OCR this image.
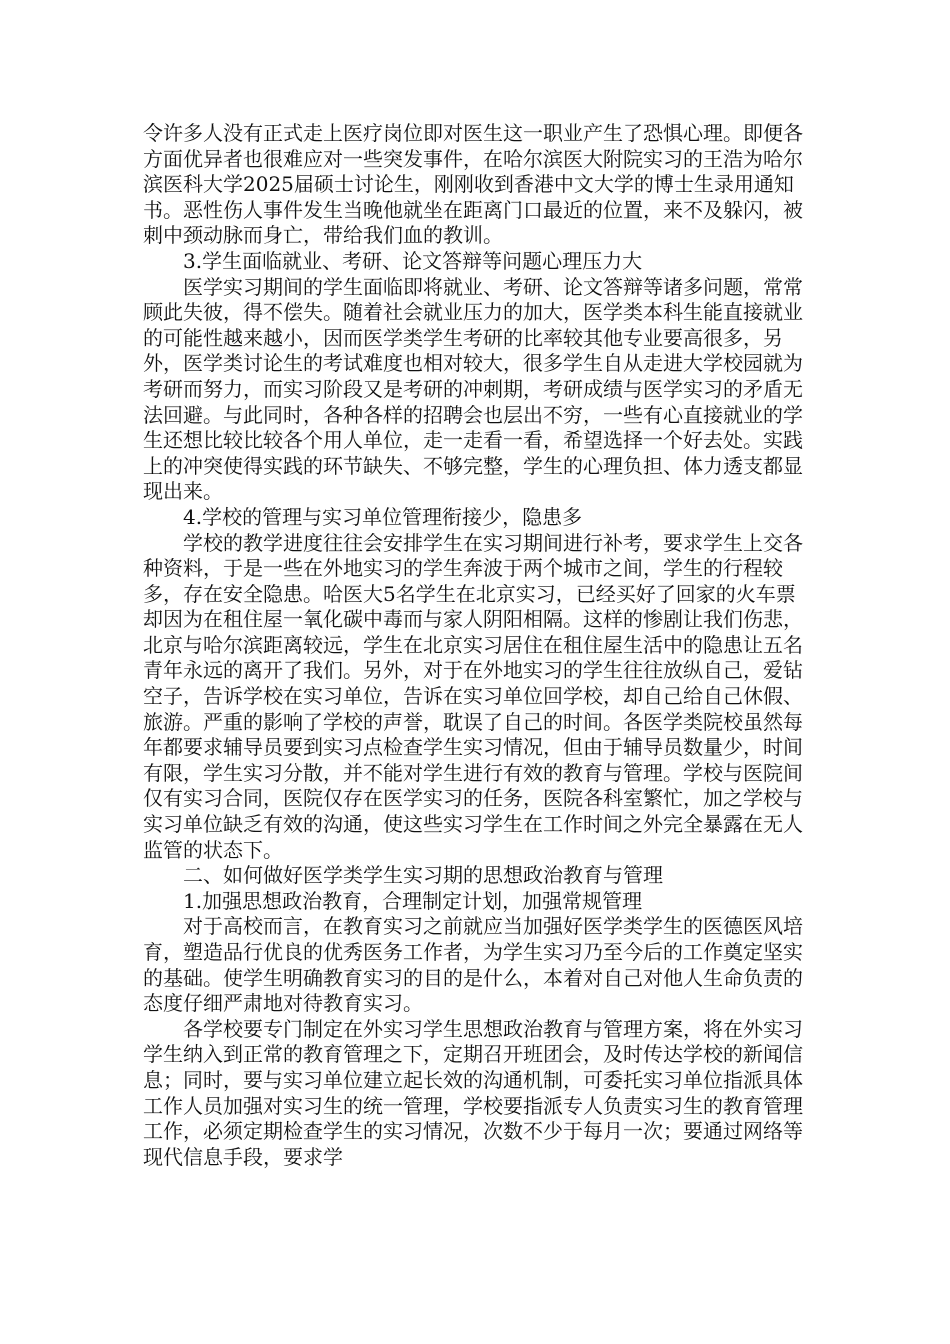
令许多人没有正式走上医疗岗位即对医生这一职业产生了恐惧心理。即便各方面优异者也很难应对一些突发事件，在哈尔滨医大附院实习的王浩为哈尔滨医科大学2025届硕士讨论生，刚刚收到香港中文大学的博士生录用通知书。恶性伤人事件发生当晚他就坐在距离门口最近的位置，来不及躲闪，被刺中颈动脉而身亡，带给我们血的教训。

3.学生面临就业、考研、论文答辩等问题心理压力大

医学实习期间的学生面临即将就业、考研、论文答辩等诸多问题，常常顾此失彼，得不偿失。随着社会就业压力的加大，医学类本科生能直接就业的可能性越来越小，因而医学类学生考研的比率较其他专业要高很多，另外，医学类讨论生的考试难度也相对较大，很多学生自从走进大学校园就为考研而努力，而实习阶段又是考研的冲刺期，考研成绩与医学实习的矛盾无法回避。与此同时，各种各样的招聘会也层出不穷，一些有心直接就业的学生还想比较比较各个用人单位，走一走看一看，希望选择一个好去处。实践上的冲突使得实践的环节缺失、不够完整，学生的心理负担、体力透支都显现出来。

4.学校的管理与实习单位管理衔接少，隐患多

学校的教学进度往往会安排学生在实习期间进行补考，要求学生上交各种资料，于是一些在外地实习的学生奔波于两个城市之间，学生的行程较多，存在安全隐患。哈医大5名学生在北京实习，已经买好了回家的火车票却因为在租住屋一氧化碳中毒而与家人阴阳相隔。这样的惨剧让我们伤悲，北京与哈尔滨距离较远，学生在北京实习居住在租住屋生活中的隐患让五名青年永远的离开了我们。另外，对于在外地实习的学生往往放纵自己，爱钻空子，告诉学校在实习单位，告诉在实习单位回学校，却自己给自己休假、旅游。严重的影响了学校的声誉，耽误了自己的时间。各医学类院校虽然每年都要求辅导员要到实习点检查学生实习情况，但由于辅导员数量少，时间有限，学生实习分散，并不能对学生进行有效的教育与管理。学校与医院间仅有实习合同，医院仅存在医学实习的任务，医院各科室繁忙，加之学校与实习单位缺乏有效的沟通，使这些实习学生在工作时间之外完全暴露在无人监管的状态下。

二、如何做好医学类学生实习期的思想政治教育与管理

1.加强思想政治教育，合理制定计划，加强常规管理

对于高校而言，在教育实习之前就应当加强好医学类学生的医德医风培育，塑造品行优良的优秀医务工作者，为学生实习乃至今后的工作奠定坚实的基础。使学生明确教育实习的目的是什么，本着对自己对他人生命负责的态度仔细严肃地对待教育实习。

各学校要专门制定在外实习学生思想政治教育与管理方案，将在外实习学生纳入到正常的教育管理之下，定期召开班团会，及时传达学校的新闻信息；同时，要与实习单位建立起长效的沟通机制，可委托实习单位指派具体工作人员加强对实习生的统一管理，学校要指派专人负责实习生的教育管理工作，必须定期检查学生的实习情况，次数不少于每月一次；要通过网络等现代信息手段，要求学
